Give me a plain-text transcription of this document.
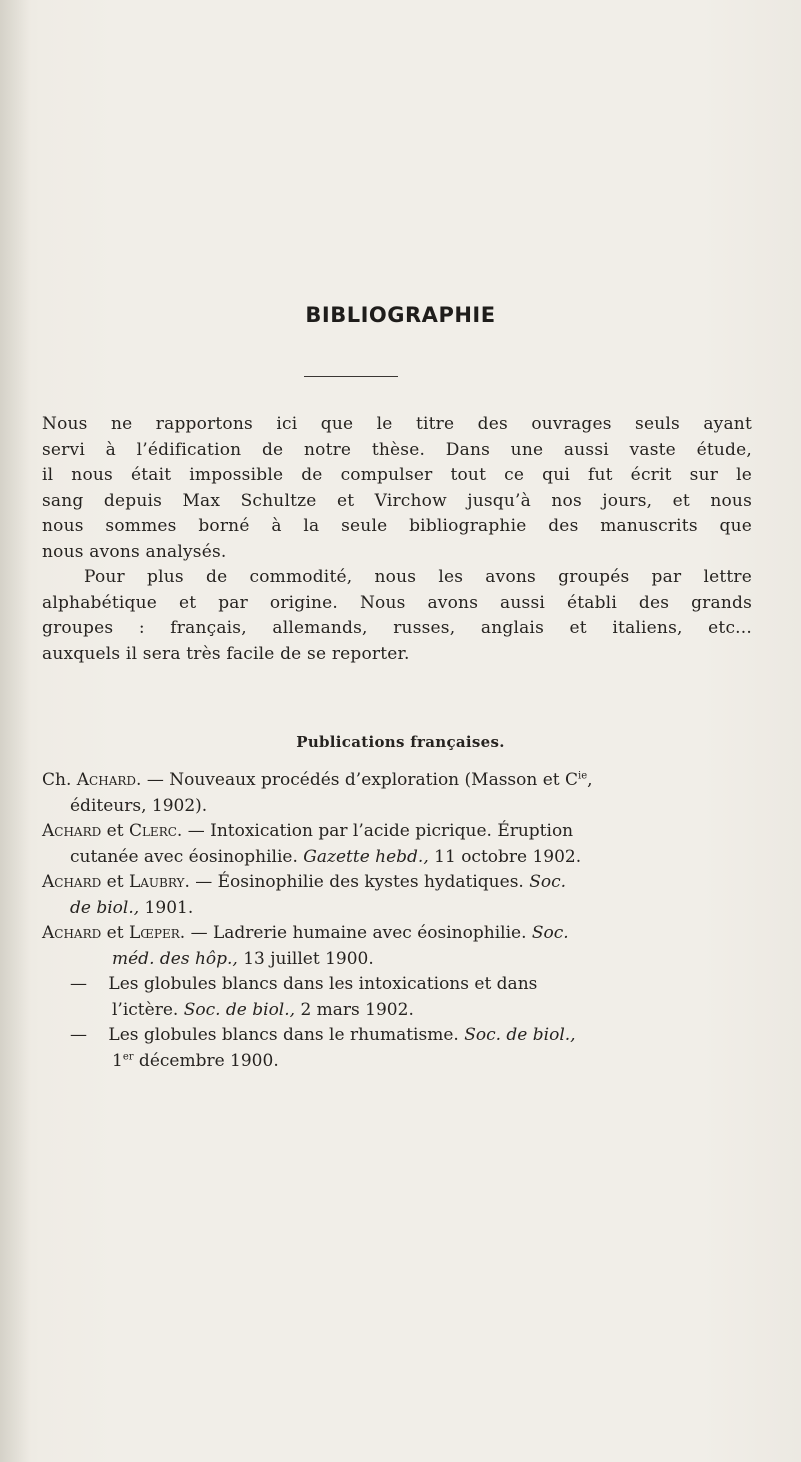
BIBLIOGRAPHIE

Nous ne rapportons ici que le titre des ouvrages seuls ayant
servi à l’édification de notre thèse. Dans une aussi vaste étude,
il nous était impossible de compulser tout ce qui fut écrit sur le
sang depuis Max Schultze et Virchow jusqu’à nos jours, et nous
nous sommes borné à la seule bibliographie des manuscrits que
nous avons analysés.

Pour plus de commodité, nous les avons groupés par lettre
alphabétique et par origine. Nous avons aussi établi des grands
groupes : français, allemands, russes, anglais et italiens, etc...
auxquels il sera très facile de se reporter.

Publications françaises.
Ch. Achard. — Nouveaux procédés d’exploration (Masson et $C^{ie}$,
éditeurs, 1902).
Achard et Clerc. — Intoxication par l’acide picrique. Éruption
cutanée avec éosinophilie. Gazette hebd., 11 octobre 1902.
Achard et Laubry. — Éosinophilie des kystes hydatiques. Soc.
de biol., 1901.
Achard et Lœper. — Ladrerie humaine avec éosinophilie. Soc.
méd. des hôp., 13 juillet 1900.
— Les globules blancs dans les intoxications et dans
l’ictère. Soc. de biol., 2 mars 1902.
— Les globules blancs dans le rhumatisme. Soc. de biol.,
1er décembre 1900.
